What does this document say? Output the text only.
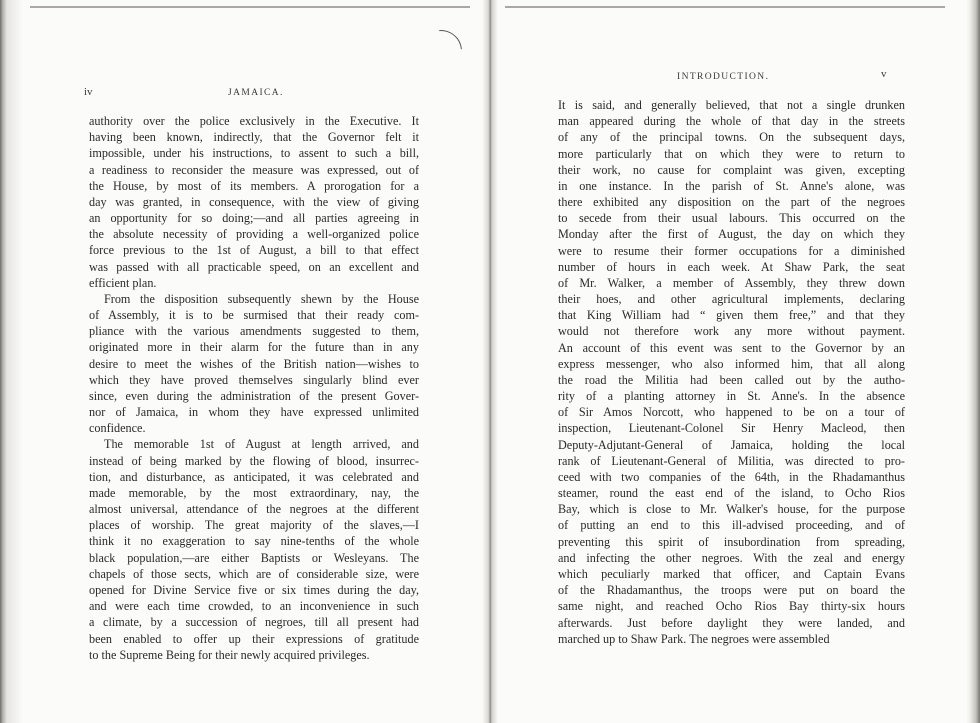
iv	JAMAICA.
INTRODUCTION.	v
authority over the police exclusively in the Executive. It
having been known, indirectly, that the Governor felt it
impossible, under his instructions, to assent to such a bill,
a readiness to reconsider the measure was expressed, out of
the House, by most of its members. A prorogation for a
day was granted, in consequence, with the view of giving
an opportunity for so doing;—and all parties agreeing in
the absolute necessity of providing a well-organized police
force previous to the 1st of August, a bill to that effect
was passed with all practicable speed, on an excellent and
efficient plan.
From the disposition subsequently shewn by the House
of Assembly, it is to be surmised that their ready com-
pliance with the various amendments suggested to them,
originated more in their alarm for the future than in any
desire to meet the wishes of the British nation—wishes to
which they have proved themselves singularly blind ever
since, even during the administration of the present Gover-
nor of Jamaica, in whom they have expressed unlimited
confidence.
The memorable 1st of August at length arrived, and
instead of being marked by the flowing of blood, insurrec-
tion, and disturbance, as anticipated, it was celebrated and
made memorable, by the most extraordinary, nay, the
almost universal, attendance of the negroes at the different
places of worship. The great majority of the slaves,—I
think it no exaggeration to say nine-tenths of the whole
black population,—are either Baptists or Wesleyans. The
chapels of those sects, which are of considerable size, were
opened for Divine Service five or six times during the day,
and were each time crowded, to an inconvenience in such
a climate, by a succession of negroes, till all present had
been enabled to offer up their expressions of gratitude
to the Supreme Being for their newly acquired privileges.
It is said, and generally believed, that not a single drunken
man appeared during the whole of that day in the streets
of any of the principal towns. On the subsequent days,
more particularly that on which they were to return to
their work, no cause for complaint was given, excepting
in one instance. In the parish of St. Anne's alone, was
there exhibited any disposition on the part of the negroes
to secede from their usual labours. This occurred on the
Monday after the first of August, the day on which they
were to resume their former occupations for a diminished
number of hours in each week. At Shaw Park, the seat
of Mr. Walker, a member of Assembly, they threw down
their hoes, and other agricultural implements, declaring
that King William had “ given them free,” and that they
would not therefore work any more without payment.
An account of this event was sent to the Governor by an
express messenger, who also informed him, that all along
the road the Militia had been called out by the autho-
rity of a planting attorney in St. Anne's. In the absence
of Sir Amos Norcott, who happened to be on a tour of
inspection, Lieutenant-Colonel Sir Henry Macleod, then
Deputy-Adjutant-General of Jamaica, holding the local
rank of Lieutenant-General of Militia, was directed to pro-
ceed with two companies of the 64th, in the Rhadamanthus
steamer, round the east end of the island, to Ocho Rios
Bay, which is close to Mr. Walker's house, for the purpose
of putting an end to this ill-advised proceeding, and of
preventing this spirit of insubordination from spreading,
and infecting the other negroes. With the zeal and energy
which peculiarly marked that officer, and Captain Evans
of the Rhadamanthus, the troops were put on board the
same night, and reached Ocho Rios Bay thirty-six hours
afterwards. Just before daylight they were landed, and
marched up to Shaw Park. The negroes were assembled
